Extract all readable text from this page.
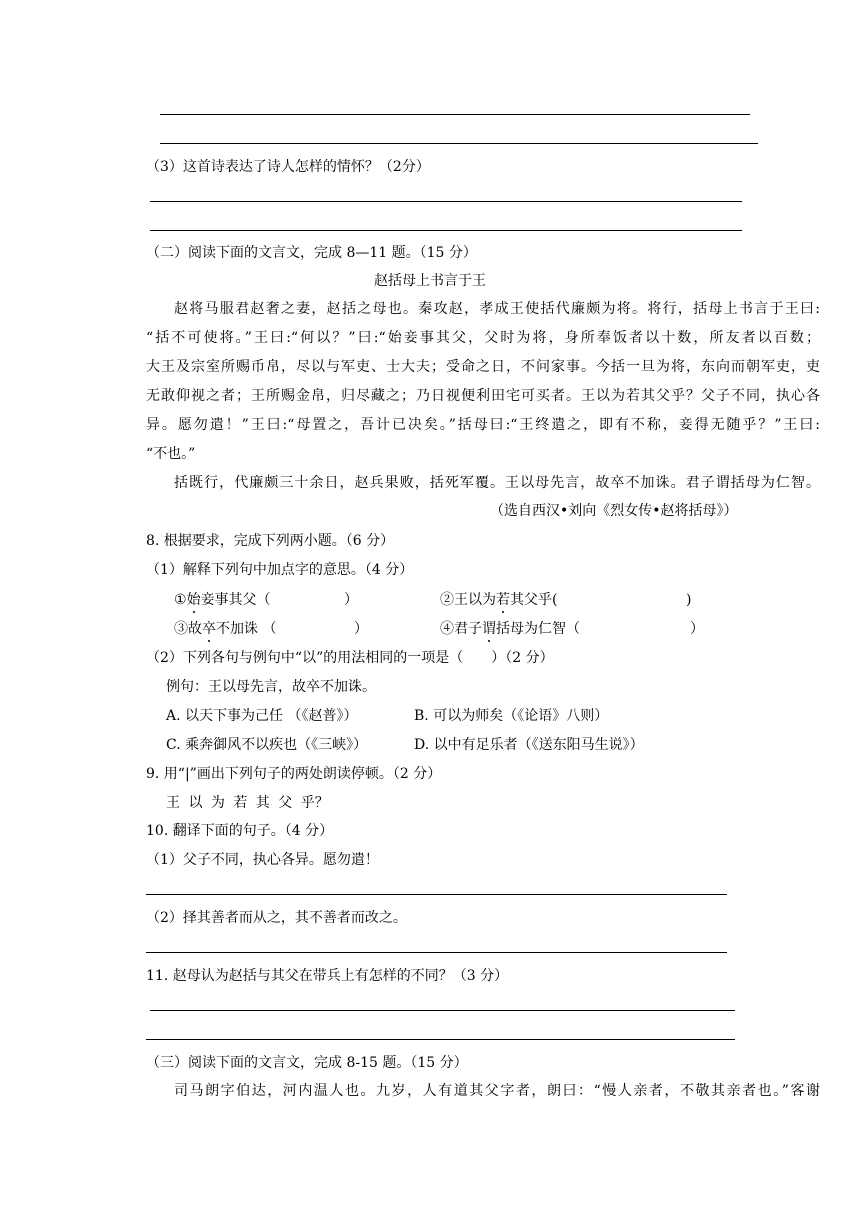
（3）这首诗表达了诗人怎样的情怀？（2分）
（二）阅读下面的文言文，完成 8—11 题。（15 分）
赵括母上书言于王
赵将马服君赵奢之妻，赵括之母也。秦攻赵，孝成王使括代廉颇为将。将行，括母上书言于王曰:
“括不可使将。”王曰:“何以？”曰:“始妾事其父，父时为将，身所奉饭者以十数，所友者以百数；
大王及宗室所赐币帛，尽以与军吏、士大夫；受命之日，不问家事。今括一旦为将，东向而朝军吏，吏
无敢仰视之者；王所赐金帛，归尽藏之；乃日视便利田宅可买者。王以为若其父乎？父子不同，执心各
异。愿勿遣！”王曰:“母置之，吾计已决矣。”括母曰:“王终遣之，即有不称，妾得无随乎？”王曰:
“不也。”
括既行，代廉颇三十余日，赵兵果败，括死军覆。王以母先言，故卒不加诛。君子谓括母为仁智。
（选自西汉•刘向《烈女传•赵将括母》）
8. 根据要求，完成下列两小题。（6 分）
（1）解释下列句中加点字的意思。（4 分）
①始妾事其父（	）	②王以为若其父乎(	)
③故卒不加诛 （	）	④君子谓括母为仁智（	）
（2）下列各句与例句中“以”的用法相同的一项是（　　）（2 分）
例句：王以母先言，故卒不加诛。
A. 以天下事为己任 （《赵普》）	B. 可以为师矣（《论语》八则）
C. 乘奔御风不以疾也（《三峡》）	D. 以中有足乐者（《送东阳马生说》）
9. 用“|”画出下列句子的两处朗读停顿。（2 分）
王 以 为 若 其 父 乎？
10. 翻译下面的句子。（4 分）
（1）父子不同，执心各异。愿勿遣！
（2）择其善者而从之，其不善者而改之。
11. 赵母认为赵括与其父在带兵上有怎样的不同？（3 分）
（三）阅读下面的文言文，完成 8-15 题。（15 分）
司马朗字伯达，河内温人也。九岁，人有道其父字者，朗曰：“慢人亲者，不敬其亲者也。”客谢
